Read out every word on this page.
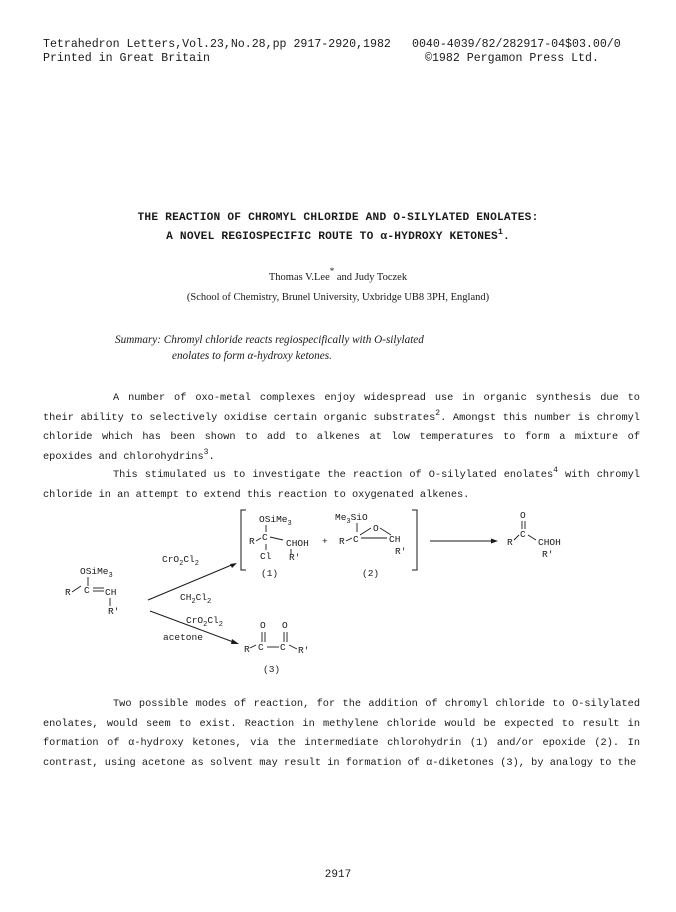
Tetrahedron Letters,Vol.23,No.28,pp 2917-2920,1982
Printed in Great Britain
0040-4039/82/282917-04$03.00/0
©1982 Pergamon Press Ltd.
THE REACTION OF CHROMYL CHLORIDE AND O-SILYLATED ENOLATES:
A NOVEL REGIOSPECIFIC ROUTE TO α-HYDROXY KETONES$^1$.
Thomas V.Lee* and Judy Toczek
(School of Chemistry, Brunel University, Uxbridge UB8 3PH, England)
Summary: Chromyl chloride reacts regiospecifically with O-silylated
enolates to form α-hydroxy ketones.
A number of oxo-metal complexes enjoy widespread use in organic synthesis due to their ability to selectively oxidise certain organic substrates$^2$. Amongst this number is chromyl chloride which has been shown to add to alkenes at low temperatures to form a mixture of epoxides and chlorohydrins$^3$.
This stimulated us to investigate the reaction of O-silylated enolates$^4$ with chromyl chloride in an attempt to extend this reaction to oxygenated alkenes.
OSiMe$_3$
R C CH
R'
$CrO_2Cl_2$
$CH_2Cl_2$
$CrO_2Cl_2$
acetone
OSiMe$_3$
R C
CHOH
Cl R'
(1)
+
$Me_3SiO$
O
R C	CH
R'
(2)
O
C
R	CHOH
R'
O O
R C C R'
(3)
Two possible modes of reaction, for the addition of chromyl chloride to O-silylated enolates, would seem to exist. Reaction in methylene chloride would be expected to result in formation of α-hydroxy ketones, via the intermediate chlorohydrin (1) and/or epoxide (2). In contrast, using acetone as solvent may result in formation of α-diketones (3), by analogy to the
2917
